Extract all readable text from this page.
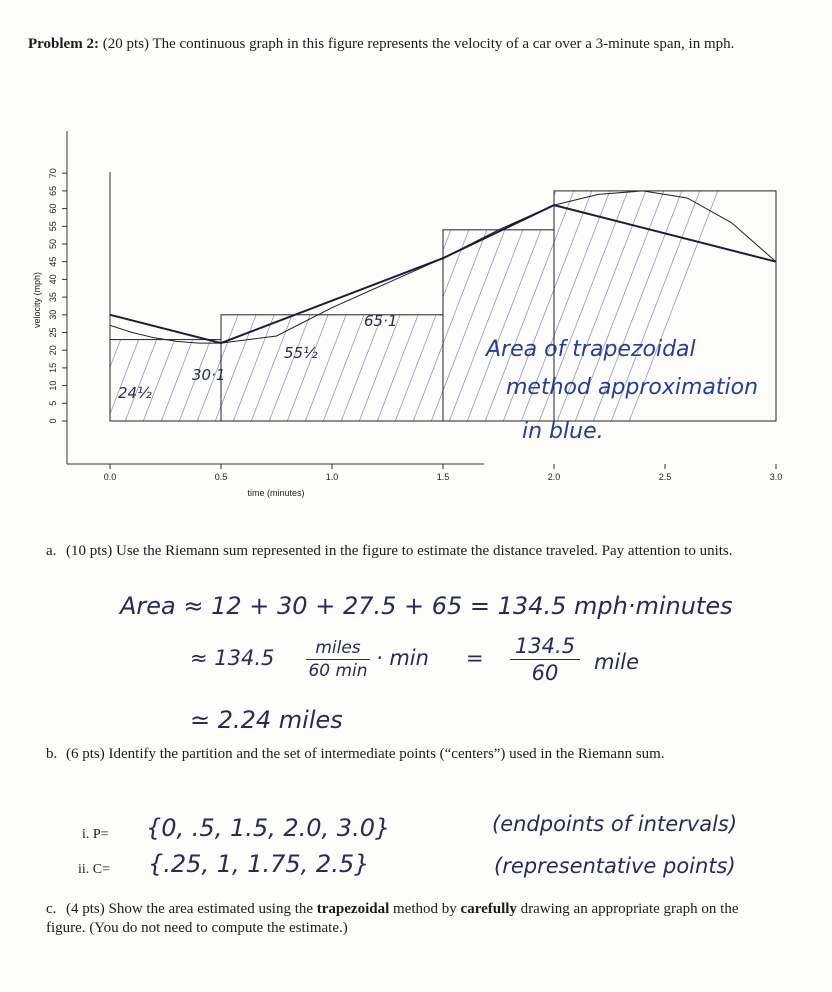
Problem 2: (20 pts) The continuous graph in this figure represents the velocity of a car over a 3-minute span, in mph.
0.0	0.5	1.0	1.5	2.0	2.5	3.0
0
5
10
15
20
25
30
35
40
45
50
55
60
65
70
velocity (mph)
time (minutes)
24½
30·1
55½
65·1
Area of trapezoidal
method approximation
in blue.
a. (10 pts) Use the Riemann sum represented in the figure to estimate the distance traveled. Pay attention to units.
Area ≈ 12 + 30 + 27.5 + 65 = 134.5 mph·minutes
≈ 134.5	miles
60 min
· min = 134.5
60	mile
≃ 2.24 miles
b. (6 pts) Identify the partition and the set of intermediate points (“centers”) used in the Riemann sum.
i. P= {0, .5, 1.5, 2.0, 3.0}	(endpoints of intervals)
ii. C= {.25, 1, 1.75, 2.5}	(representative points)
c. (4 pts) Show the area estimated using the trapezoidal method by carefully drawing an appropriate graph on the figure. (You do not need to compute the estimate.)
